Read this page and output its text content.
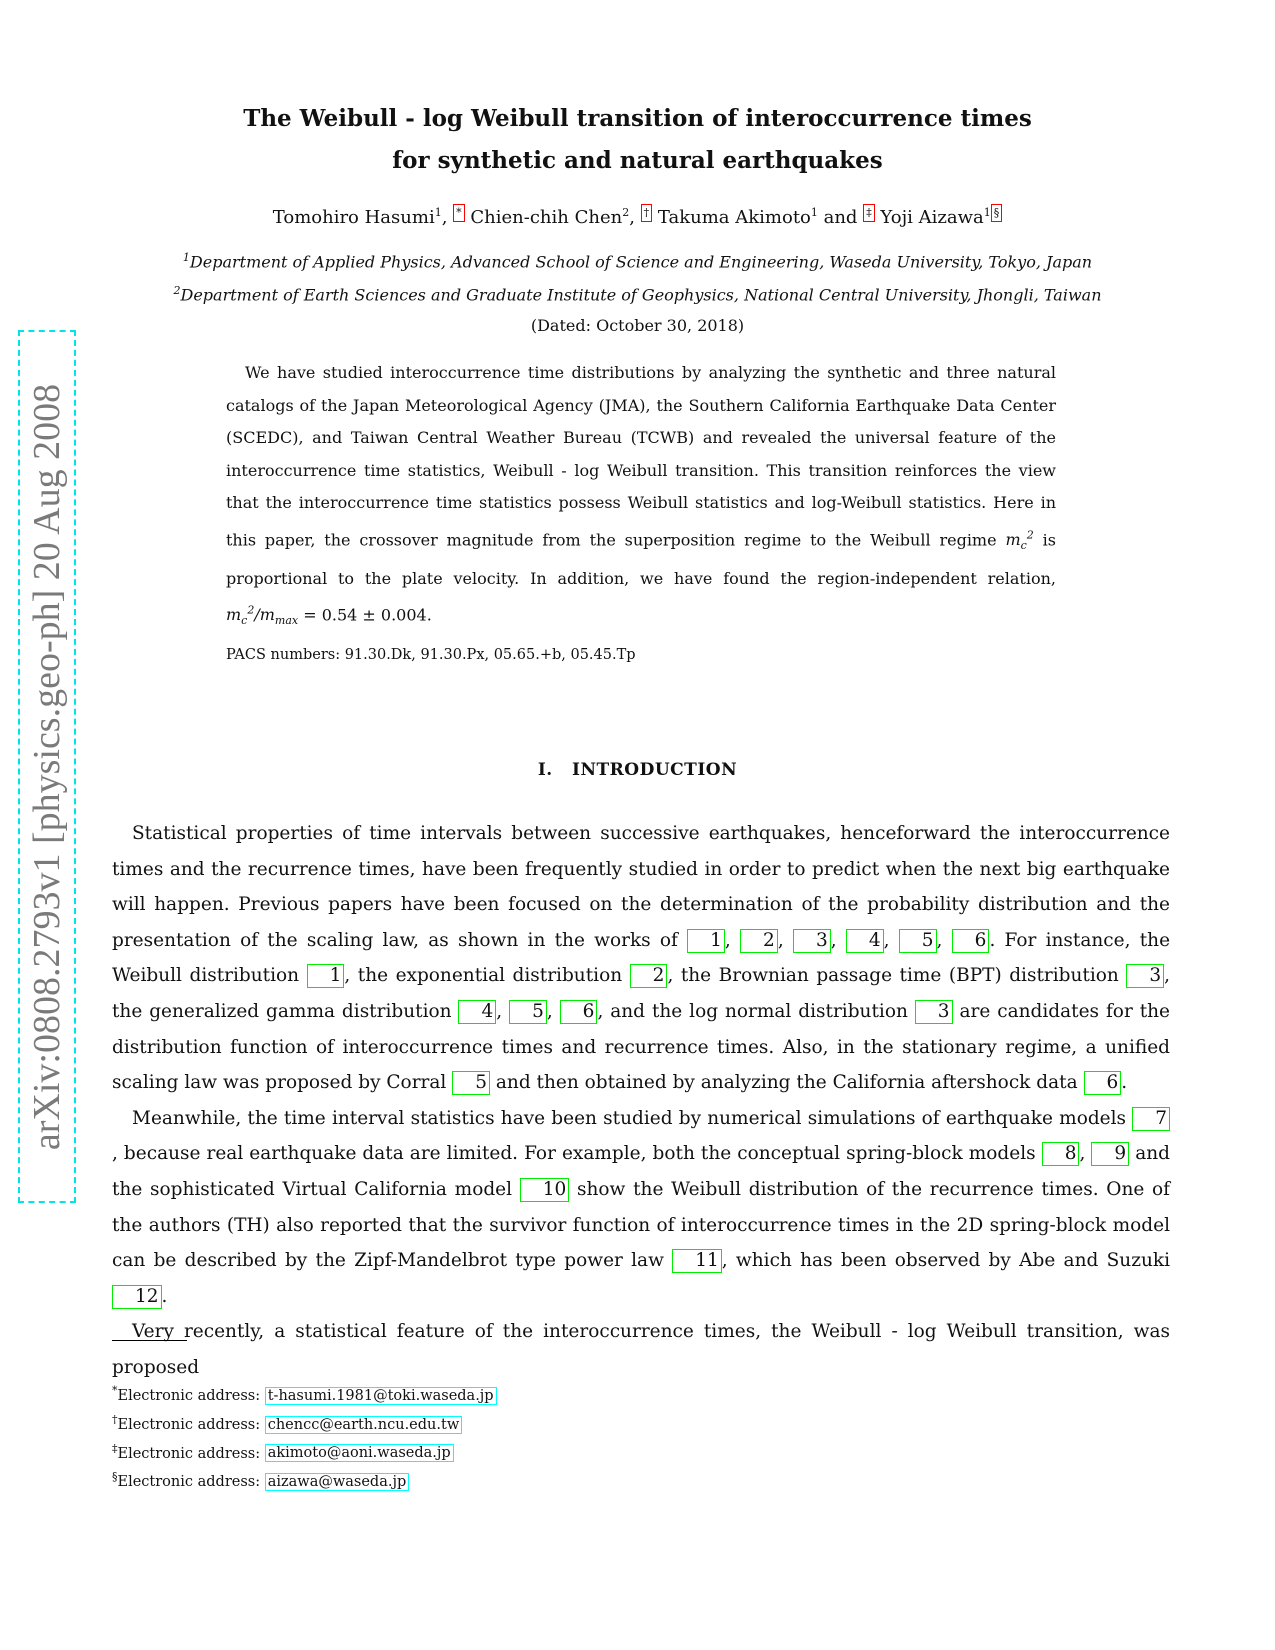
arXiv:0808.2793v1 [physics.geo-ph] 20 Aug 2008
The Weibull - log Weibull transition of interoccurrence times
for synthetic and natural earthquakes
Tomohiro Hasumi$^1$, * Chien-chih Chen$^2$, † Takuma Akimoto$^1$ and ‡ Yoji Aizawa$^1$ §
$^1$Department of Applied Physics, Advanced School of Science and Engineering, Waseda University, Tokyo, Japan
$^2$Department of Earth Sciences and Graduate Institute of Geophysics, National Central University, Jhongli, Taiwan
(Dated: October 30, 2018)

We have studied interoccurrence time distributions by analyzing the synthetic and three natural catalogs of the Japan Meteorological Agency (JMA), the Southern California Earthquake Data Center (SCEDC), and Taiwan Central Weather Bureau (TCWB) and revealed the universal feature of the interoccurrence time statistics, Weibull - log Weibull transition. This transition reinforces the view that the interoccurrence time statistics possess Weibull statistics and log-Weibull statistics. Here in this paper, the crossover magnitude from the superposition regime to the Weibull regime $m_c^2$ is proportional to the plate velocity. In addition, we have found the region-independent relation, $m_c^2/m_{max} = 0.54 \pm 0.004$.

PACS numbers: 91.30.Dk, 91.30.Px, 05.65.+b, 05.45.Tp
I. INTRODUCTION

Statistical properties of time intervals between successive earthquakes, henceforward the interoccurrence times and the recurrence times, have been frequently studied in order to predict when the next big earthquake will happen. Previous papers have been focused on the determination of the probability distribution and the presentation of the scaling law, as shown in the works of 1 , 2 , 3 , 4 , 5 , 6 . For instance, the Weibull distribution 1 , the exponential distribution 2 , the Brownian passage time (BPT) distribution 3 , the generalized gamma distribution 4 , 5 , 6 , and the log normal distribution 3 are candidates for the distribution function of interoccurrence times and recurrence times. Also, in the stationary regime, a unified scaling law was proposed by Corral 5 and then obtained by analyzing the California aftershock data 6 .

Meanwhile, the time interval statistics have been studied by numerical simulations of earthquake models 7, because real earthquake data are limited. For example, both the conceptual spring-block models 8 , 9 and the sophisticated Virtual California model 10 show the Weibull distribution of the recurrence times. One of the authors (TH) also reported that the survivor function of interoccurrence times in the 2D spring-block model can be described by the Zipf-Mandelbrot type power law 11 , which has been observed by Abe and Suzuki 12 .

Very recently, a statistical feature of the interoccurrence times, the Weibull - log Weibull transition, was proposed

*Electronic address: t-hasumi.1981@toki.waseda.jp
†Electronic address: chencc@earth.ncu.edu.tw
‡Electronic address: akimoto@aoni.waseda.jp
§Electronic address: aizawa@waseda.jp
